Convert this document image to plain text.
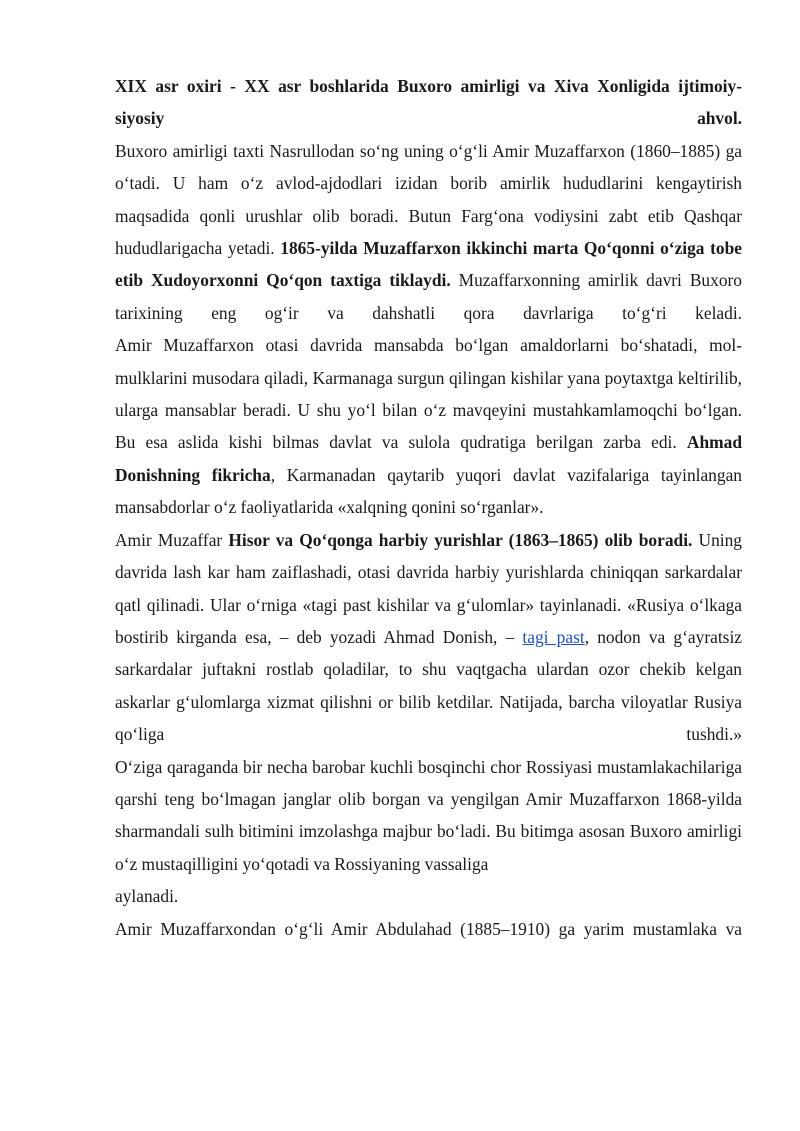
XIX asr oxiri - XX asr boshlarida Buxoro amirligi va Xiva Xonligida ijtimoiy-
siyosiy	ahvol.

Buxoro amirligi taxti Nasrullodan so‘ng uning o‘g‘li Amir Muzaffarxon (1860–1885) ga o‘tadi. U ham o‘z avlod-ajdodlari izidan borib amirlik hududlarini kengaytirish maqsadida qonli urushlar olib boradi. Butun Farg‘ona vodiysini zabt etib Qashqar hududlarigacha yetadi. 1865-yilda Muzaffarxon ikkinchi marta Qo‘qonni o‘ziga tobe etib Xudoyorxonni Qo‘qon taxtiga tiklaydi. Muzaffarxonning amirlik davri Buxoro tarixining eng og‘ir va dahshatli qora davrlariga to‘g‘ri keladi.

Amir Muzaffarxon otasi davrida mansabda bo‘lgan amaldorlarni bo‘shatadi, mol-mulklarini musodara qiladi, Karmanaga surgun qilingan kishilar yana poytaxtga keltirilib, ularga mansablar beradi. U shu yo‘l bilan o‘z mavqeyini mustahkamlamoqchi bo‘lgan. Bu esa aslida kishi bilmas davlat va sulola qudratiga berilgan zarba edi. Ahmad Donishning fikricha, Karmanadan qaytarib yuqori davlat vazifalariga tayinlangan mansabdorlar o‘z faoliyatlarida «xalqning qonini so‘rganlar».

Amir Muzaffar Hisor va Qo‘qonga harbiy yurishlar (1863–1865) olib boradi. Uning davrida lash kar ham zaiflashadi, otasi davrida harbiy yurishlarda chiniqqan sarkardalar qatl qilinadi. Ular o‘rniga «tagi past kishilar va g‘ulomlar» tayinlanadi. «Rusiya o‘lkaga bostirib kirganda esa, – deb yozadi Ahmad Donish, – tagi past, nodon va g‘ayratsiz sarkardalar juftakni rostlab qoladilar, to shu vaqtgacha ulardan ozor chekib kelgan askarlar g‘ulomlarga xizmat qilishni or bilib ketdilar. Natijada, barcha viloyatlar Rusiya qo‘liga tushdi.»

O‘ziga qaraganda bir necha barobar kuchli bosqinchi chor Rossiyasi mustamlakachilariga qarshi teng bo‘lmagan janglar olib borgan va yengilgan Amir Muzaffarxon 1868-yilda sharmandali sulh bitimini imzolashga majbur bo‘ladi. Bu bitimga asosan Buxoro amirligi o‘z mustaqilligini yo‘qotadi va Rossiyaning vassaliga
aylanadi.

Amir Muzaffarxondan o‘g‘li Amir Abdulahad (1885–1910) ga yarim mustamlaka va
